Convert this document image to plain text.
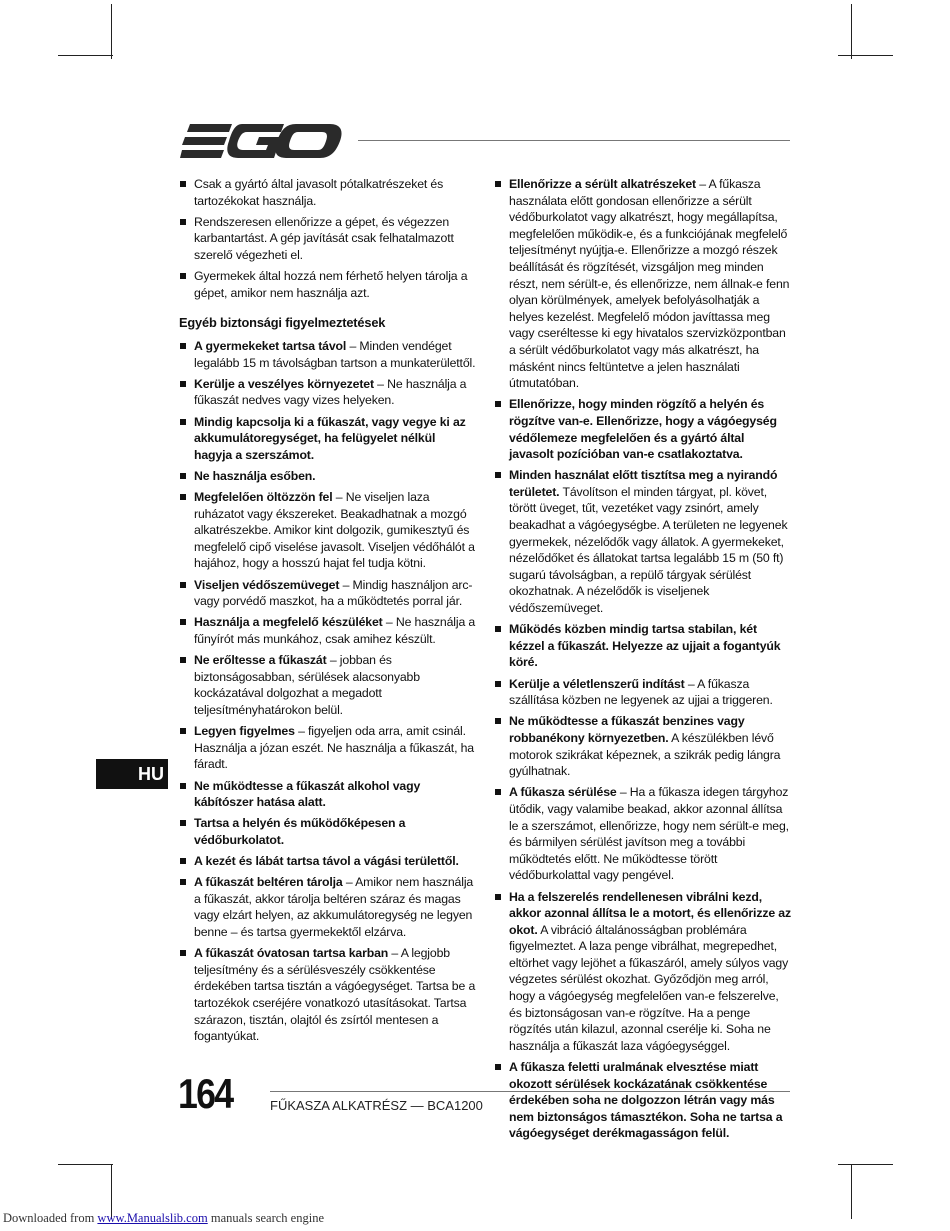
Csak a gyártó által javasolt pótalkatrészeket és tartozékokat használja.
Rendszeresen ellenőrizze a gépet, és végezzen karbantartást. A gép javítását csak felhatalmazott szerelő végezheti el.
Gyermekek által hozzá nem férhető helyen tárolja a gépet, amikor nem használja azt.
Egyéb biztonsági figyelmeztetések
A gyermekeket tartsa távol – Minden vendéget legalább 15 m távolságban tartson a munkaterülettől.
Kerülje a veszélyes környezetet – Ne használja a fűkaszát nedves vagy vizes helyeken.
Mindig kapcsolja ki a fűkaszát, vagy vegye ki az akkumulátoregységet, ha felügyelet nélkül hagyja a szerszámot.
Ne használja esőben.
Megfelelően öltözzön fel – Ne viseljen laza ruházatot vagy ékszereket. Beakadhatnak a mozgó alkatrészekbe. Amikor kint dolgozik, gumikesztyű és megfelelő cipő viselése javasolt. Viseljen védőhálót a hajához, hogy a hosszú hajat fel tudja kötni.
Viseljen védőszemüveget – Mindig használjon arc- vagy porvédő maszkot, ha a működtetés porral jár.
Használja a megfelelő készüléket – Ne használja a fűnyírót más munkához, csak amihez készült.
Ne erőltesse a fűkaszát – jobban és biztonságosabban, sérülések alacsonyabb kockázatával dolgozhat a megadott teljesítményhatárokon belül.
Legyen figyelmes – figyeljen oda arra, amit csinál. Használja a józan eszét. Ne használja a fűkaszát, ha fáradt.
Ne működtesse a fűkaszát alkohol vagy kábítószer hatása alatt.
Tartsa a helyén és működőképesen a védőburkolatot.
A kezét és lábát tartsa távol a vágási területtől.
A fűkaszát beltéren tárolja – Amikor nem használja a fűkaszát, akkor tárolja beltéren száraz és magas vagy elzárt helyen, az akkumulátoregység ne legyen benne – és tartsa gyermekektől elzárva.
A fűkaszát óvatosan tartsa karban – A legjobb teljesítmény és a sérülésveszély csökkentése érdekében tartsa tisztán a vágóegységet. Tartsa be a tartozékok cseréjére vonatkozó utasításokat. Tartsa szárazon, tisztán, olajtól és zsírtól mentesen a fogantyúkat.
Ellenőrizze a sérült alkatrészeket – A fűkasza használata előtt gondosan ellenőrizze a sérült védőburkolatot vagy alkatrészt, hogy megállapítsa, megfelelően működik-e, és a funkciójának megfelelő teljesítményt nyújtja-e. Ellenőrizze a mozgó részek beállítását és rögzítését, vizsgáljon meg minden részt, nem sérült-e, és ellenőrizze, nem állnak-e fenn olyan körülmények, amelyek befolyásolhatják a helyes kezelést. Megfelelő módon javíttassa meg vagy cseréltesse ki egy hivatalos szervizközpontban a sérült védőburkolatot vagy más alkatrészt, ha másként nincs feltüntetve a jelen használati útmutatóban.
Ellenőrizze, hogy minden rögzítő a helyén és rögzítve van-e. Ellenőrizze, hogy a vágóegység védőlemeze megfelelően és a gyártó által javasolt pozícióban van-e csatlakoztatva.
Minden használat előtt tisztítsa meg a nyirandó területet. Távolítson el minden tárgyat, pl. követ, törött üveget, tűt, vezetéket vagy zsinórt, amely beakadhat a vágóegységbe. A területen ne legyenek gyermekek, nézelődők vagy állatok. A gyermekeket, nézelődőket és állatokat tartsa legalább 15 m (50 ft) sugarú távolságban, a repülő tárgyak sérülést okozhatnak. A nézelődők is viseljenek védőszemüveget.
Működés közben mindig tartsa stabilan, két kézzel a fűkaszát. Helyezze az ujjait a fogantyúk köré.
Kerülje a véletlenszerű indítást – A fűkasza szállítása közben ne legyenek az ujjai a triggeren.
Ne működtesse a fűkaszát benzines vagy robbanékony környezetben. A készülékben lévő motorok szikrákat képeznek, a szikrák pedig lángra gyúlhatnak.
A fűkasza sérülése – Ha a fűkasza idegen tárgyhoz ütődik, vagy valamibe beakad, akkor azonnal állítsa le a szerszámot, ellenőrizze, hogy nem sérült-e meg, és bármilyen sérülést javítson meg a további működtetés előtt. Ne működtesse törött védőburkolattal vagy pengével.
Ha a felszerelés rendellenesen vibrálni kezd, akkor azonnal állítsa le a motort, és ellenőrizze az okot. A vibráció általánosságban problémára figyelmeztet. A laza penge vibrálhat, megrepedhet, eltörhet vagy lejöhet a fűkaszáról, amely súlyos vagy végzetes sérülést okozhat. Győződjön meg arról, hogy a vágóegység megfelelően van-e felszerelve, és biztonságosan van-e rögzítve. Ha a penge rögzítés után kilazul, azonnal cserélje ki. Soha ne használja a fűkaszát laza vágóegységgel.
A fűkasza feletti uralmának elvesztése miatt okozott sérülések kockázatának csökkentése érdekében soha ne dolgozzon létrán vagy más nem biztonságos támasztékon. Soha ne tartsa a vágóegységet derékmagasságon felül.
HU
164	FŰKASZA ALKATRÉSZ — BCA1200
Downloaded from www.Manualslib.com manuals search engine
